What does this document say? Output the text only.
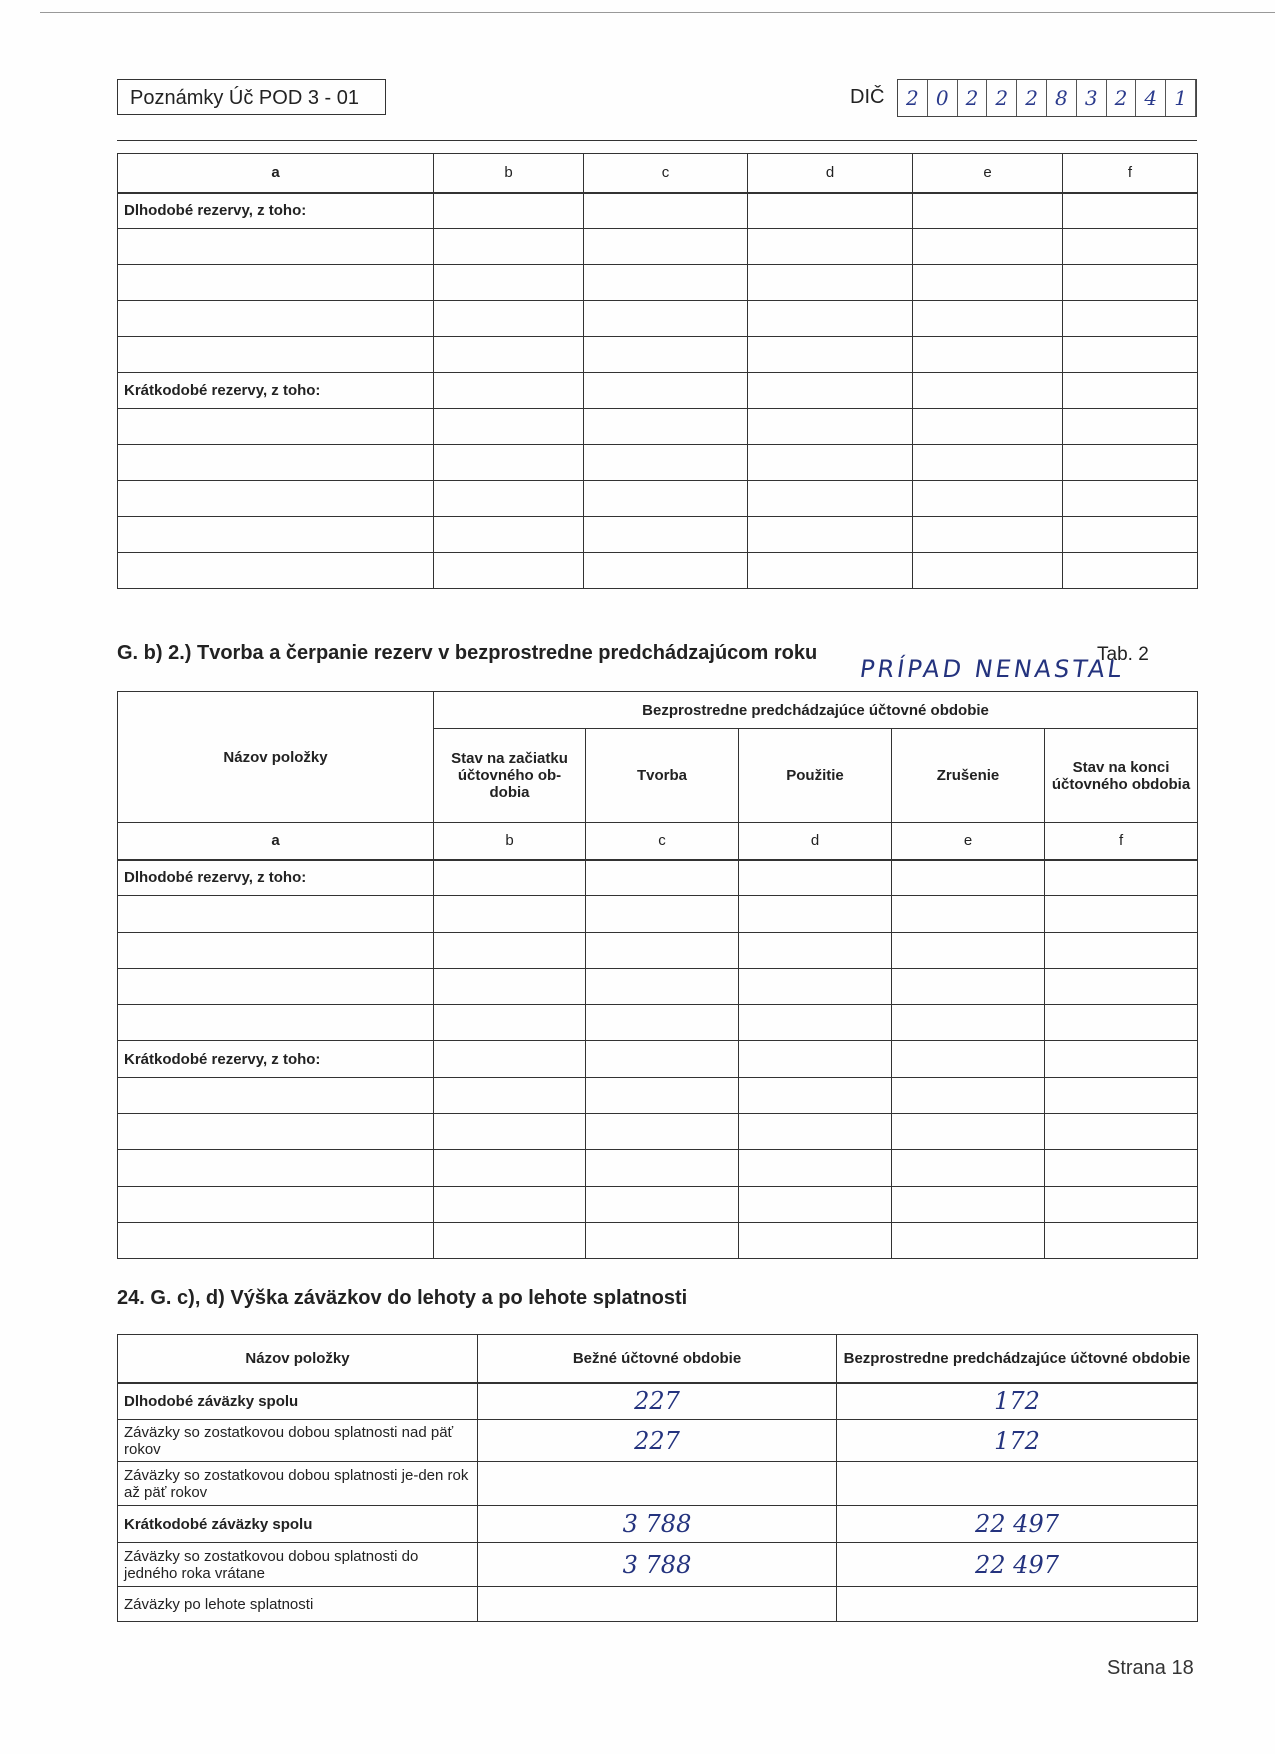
Poznámky Úč POD 3 - 01	DIČ	2 0 2 2 2 8 3 2 4 1
a	b	c	d	e	f
Dlhodobé rezervy, z toho:					

Krátkodobé rezervy, z toho:					

G. b) 2.) Tvorba a čerpanie rezerv v bezprostredne predchádzajúcom roku	Tab. 2
PRÍPAD NENASTAL
Názov položky	Bezprostredne predchádzajúce účtovné obdobie				
	Stav na začiatku účtovného ob-dobia	Tvorba	Použitie	Zrušenie	Stav na konci účtovného obdobia
a	b	c	d	e	f
Dlhodobé rezervy, z toho:					

Krátkodobé rezervy, z toho:					

24. G. c), d) Výška záväzkov do lehoty a po lehote splatnosti
Názov položky	Bežné účtovné obdobie	Bezprostredne predchádzajúce účtovné obdobie
Dlhodobé záväzky spolu	227	172
Záväzky so zostatkovou dobou splatnosti nad päť rokov	227	172
Záväzky so zostatkovou dobou splatnosti je-den rok až päť rokov		
Krátkodobé záväzky spolu	3 788	22 497
Záväzky so zostatkovou dobou splatnosti do jedného roka vrátane	3 788	22 497
Záväzky po lehote splatnosti		
Strana 18
